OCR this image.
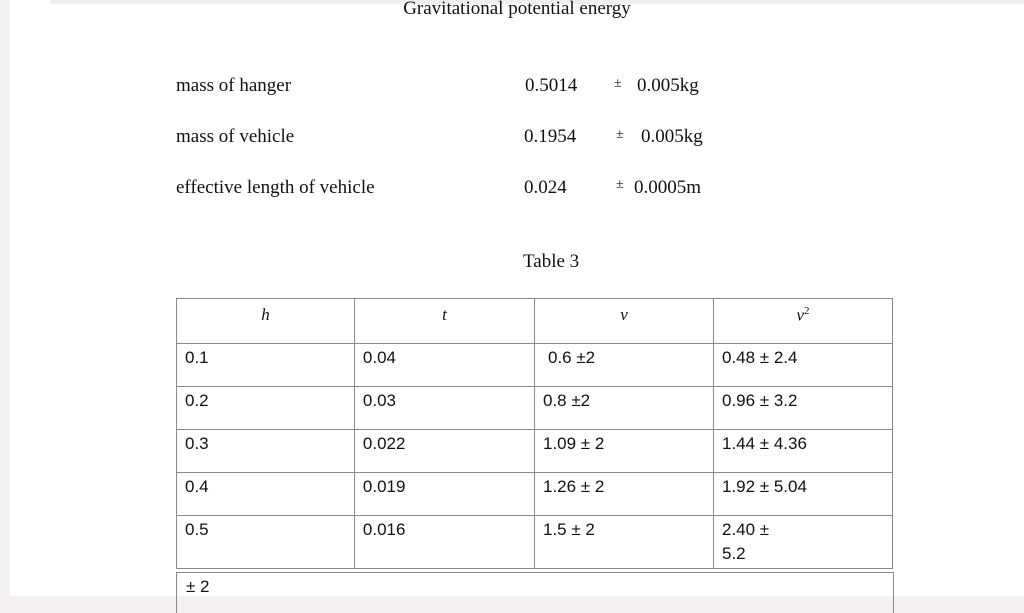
Gravitational potential energy
mass of hanger	0.5014	± 0.005kg
mass of vehicle	0.1954	± 0.005kg
effective length of vehicle	0.024	± 0.0005m
Table 3
h	t	v	$v^2$
0.1	0.04	0.6 ±2	0.48 ± 2.4
0.2	0.03	0.8 ±2	0.96 ± 3.2
0.3	0.022	1.09 ± 2	1.44 ± 4.36
0.4	0.019	1.26 ± 2	1.92 ± 5.04
0.5	0.016	1.5 ± 2	2.40 ±
5.2
± 2
